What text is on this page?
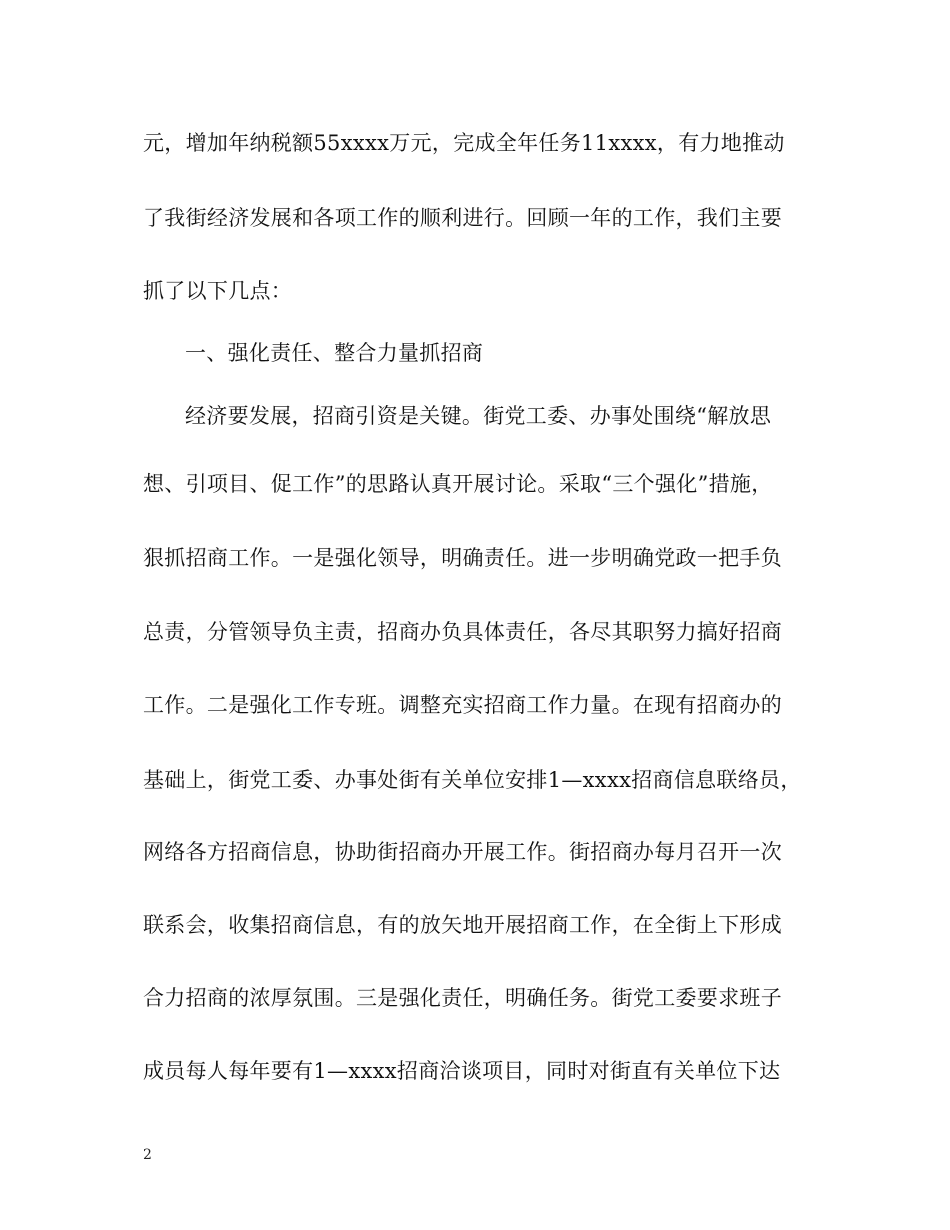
元，增加年纳税额55xxxx万元，完成全年任务11xxxx，有力地推动
了我街经济发展和各项工作的顺利进行。回顾一年的工作，我们主要
抓了以下几点：
一、强化责任、整合力量抓招商
经济要发展，招商引资是关键。街党工委、办事处围绕“解放思
想、引项目、促工作”的思路认真开展讨论。采取“三个强化”措施，
狠抓招商工作。一是强化领导，明确责任。进一步明确党政一把手负
总责，分管领导负主责，招商办负具体责任，各尽其职努力搞好招商
工作。二是强化工作专班。调整充实招商工作力量。在现有招商办的
基础上，街党工委、办事处街有关单位安排1—xxxx招商信息联络员，
网络各方招商信息，协助街招商办开展工作。街招商办每月召开一次
联系会，收集招商信息，有的放矢地开展招商工作，在全街上下形成
合力招商的浓厚氛围。三是强化责任，明确任务。街党工委要求班子
成员每人每年要有1—xxxx招商洽谈项目，同时对街直有关单位下达
2
